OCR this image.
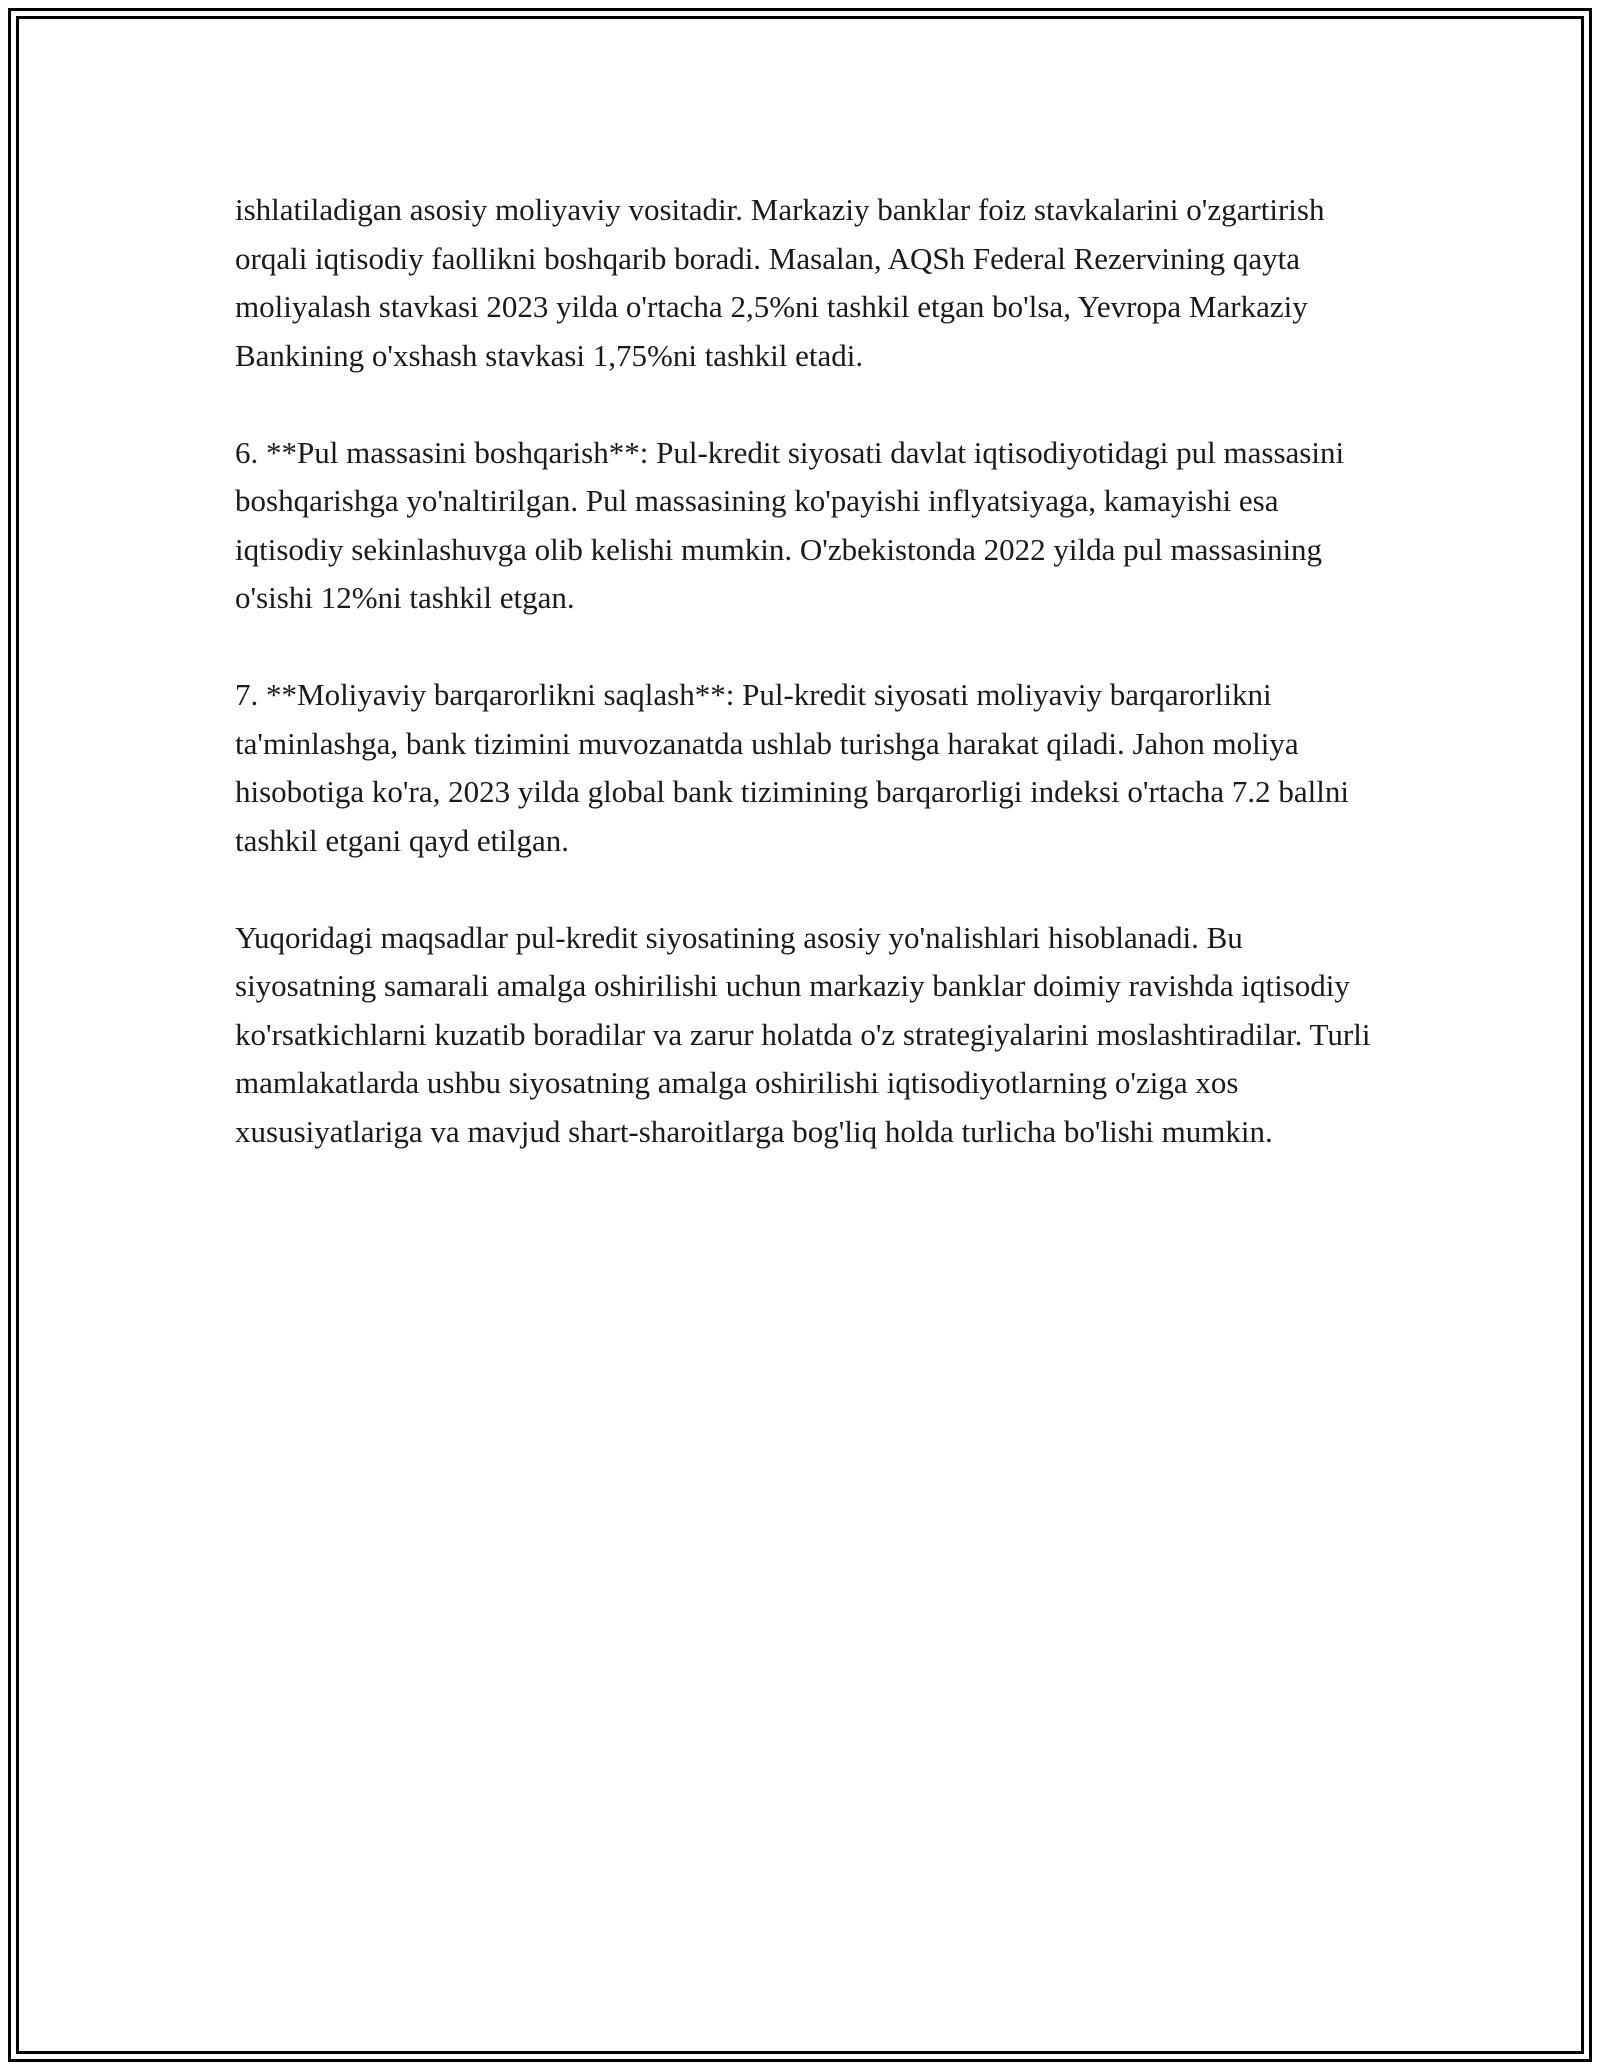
ishlatiladigan asosiy moliyaviy vositadir. Markaziy banklar foiz stavkalarini o'zgartirish orqali iqtisodiy faollikni boshqarib boradi. Masalan, AQSh Federal Rezervining qayta moliyalash stavkasi 2023 yilda o'rtacha 2,5%ni tashkil etgan bo'lsa, Yevropa Markaziy Bankining o'xshash stavkasi 1,75%ni tashkil etadi.

6. **Pul massasini boshqarish**: Pul-kredit siyosati davlat iqtisodiyotidagi pul massasini boshqarishga yo'naltirilgan. Pul massasining ko'payishi inflyatsiyaga, kamayishi esa iqtisodiy sekinlashuvga olib kelishi mumkin. O'zbekistonda 2022 yilda pul massasining o'sishi 12%ni tashkil etgan.

7. **Moliyaviy barqarorlikni saqlash**: Pul-kredit siyosati moliyaviy barqarorlikni ta'minlashga, bank tizimini muvozanatda ushlab turishga harakat qiladi. Jahon moliya hisobotiga ko'ra, 2023 yilda global bank tizimining barqarorligi indeksi o'rtacha 7.2 ballni tashkil etgani qayd etilgan.

Yuqoridagi maqsadlar pul-kredit siyosatining asosiy yo'nalishlari hisoblanadi. Bu siyosatning samarali amalga oshirilishi uchun markaziy banklar doimiy ravishda iqtisodiy ko'rsatkichlarni kuzatib boradilar va zarur holatda o'z strategiyalarini moslashtiradilar. Turli mamlakatlarda ushbu siyosatning amalga oshirilishi iqtisodiyotlarning o'ziga xos xususiyatlariga va mavjud shart-sharoitlarga bog'liq holda turlicha bo'lishi mumkin.
